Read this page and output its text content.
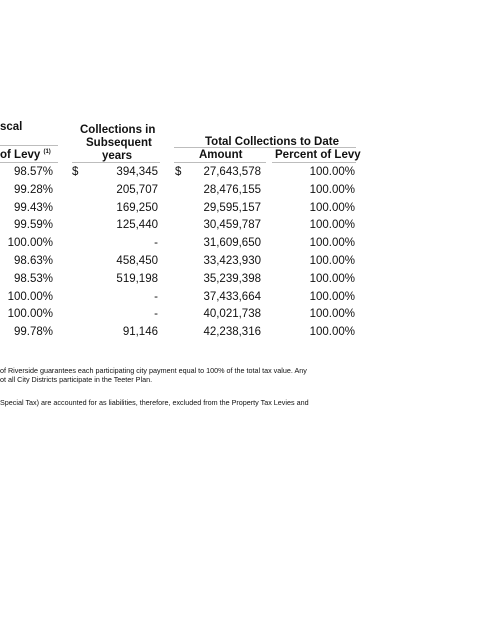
scal	Collections in
Subsequent
years
Total Collections to Date
of Levy $^{(1)}$	Amount	Percent of Levy
$	$
98.57%	394,345	27,643,578	100.00%
99.28%	205,707	28,476,155	100.00%
99.43%	169,250	29,595,157	100.00%
99.59%	125,440	30,459,787	100.00%
100.00%	-	31,609,650	100.00%
98.63%	458,450	33,423,930	100.00%
98.53%	519,198	35,239,398	100.00%
100.00%	-	37,433,664	100.00%
100.00%	-	40,021,738	100.00%
99.78%	91,146	42,238,316	100.00%
of Riverside guarantees each participating city payment equal to 100% of the total tax value. Any
ot all City Districts participate in the Teeter Plan.
Special Tax) are accounted for as liabilities, therefore, excluded from the Property Tax Levies and
